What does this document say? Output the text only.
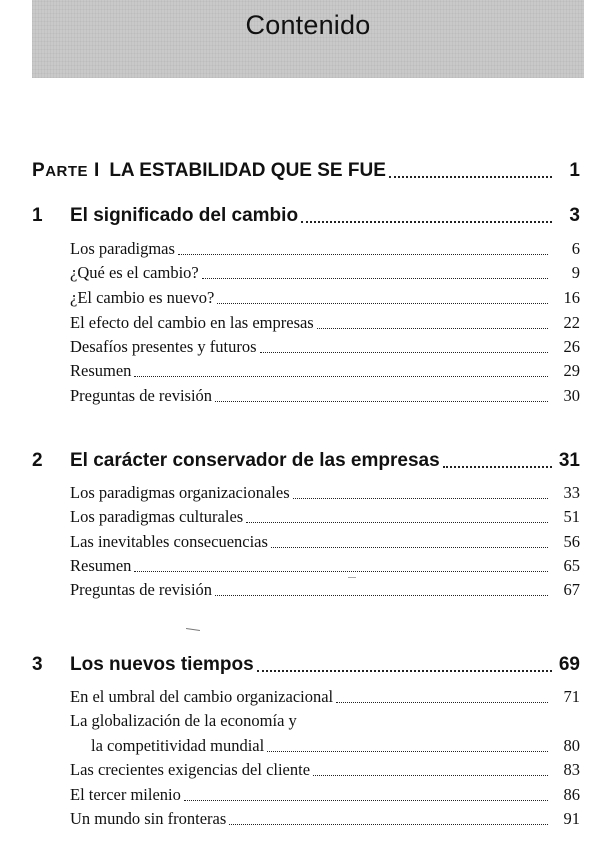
Contenido
PARTE I LA ESTABILIDAD QUE SE FUE	1
1	El significado del cambio	3
Los paradigmas	6
¿Qué es el cambio?	9
¿El cambio es nuevo?	16
El efecto del cambio en las empresas	22
Desafíos presentes y futuros	26
Resumen	29
Preguntas de revisión	30
2	El carácter conservador de las empresas	31
Los paradigmas organizacionales	33
Los paradigmas culturales	51
Las inevitables consecuencias	56
Resumen	65
Preguntas de revisión	67
3	Los nuevos tiempos	69
En el umbral del cambio organizacional	71
La globalización de la economía y
la competitividad mundial	80
Las crecientes exigencias del cliente	83
El tercer milenio	86
Un mundo sin fronteras	91
